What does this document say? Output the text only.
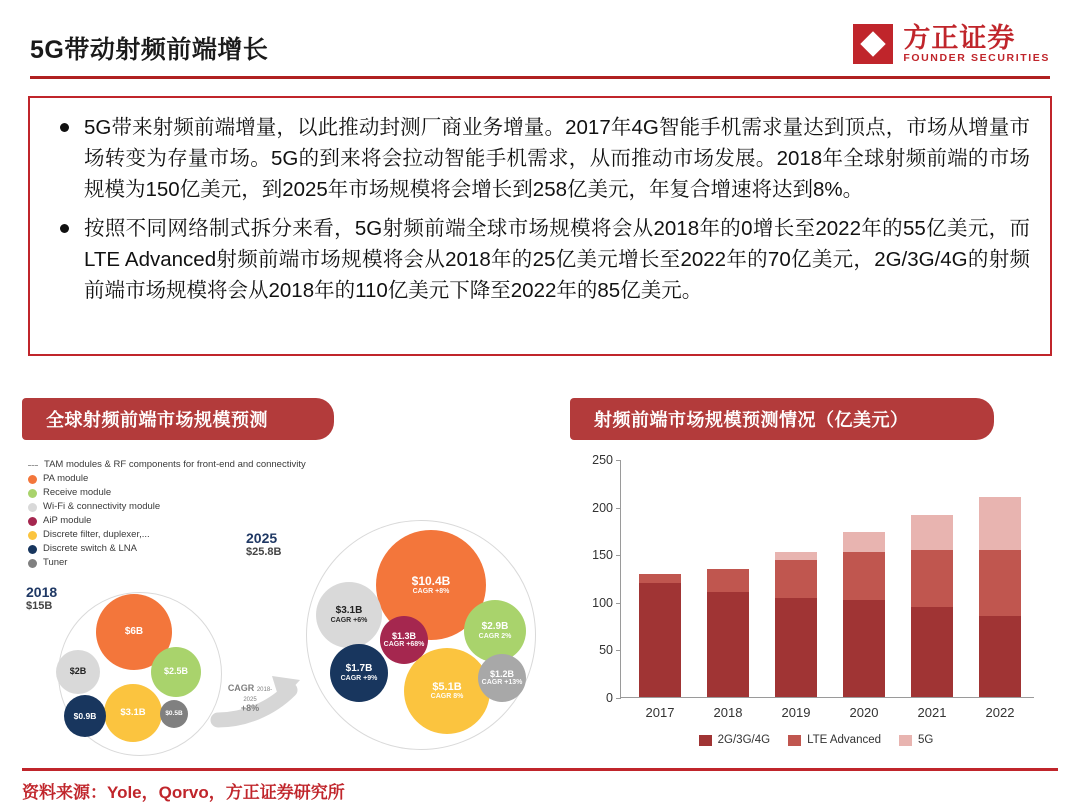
5G带动射频前端增长	方正证券
FOUNDER SECURITIES
5G带来射频前端增量，以此推动封测厂商业务增量。2017年4G智能手机需求量达到顶点，市场从增量市场转变为存量市场。5G的到来将会拉动智能手机需求，从而推动市场发展。2018年全球射频前端的市场规模为150亿美元，到2025年市场规模将会增长到258亿美元，年复合增速将达到8%。
按照不同网络制式拆分来看，5G射频前端全球市场规模将会从2018年的0增长至2022年的55亿美元，而LTE Advanced射频前端市场规模将会从2018年的25亿美元增长至2022年的70亿美元，2G/3G/4G的射频前端市场规模将会从2018年的110亿美元下降至2022年的85亿美元。
全球射频前端市场规模预测	射频前端市场规模预测情况（亿美元）
TAM modules & RF components for front-end and connectivity
PA module
Receive module
Wi-Fi & connectivity module
AiP module
Discrete filter, duplexer,...
Discrete switch & LNA
Tuner
2018
$15B
$6B
$2.5B
$2B
$3.1B
$0.9B	$0.5B
CAGR 2018-2025
+8%
2025
$25.8B
$10.4B
CAGR +8%
$2.9B
CAGR 2%
$3.1B
CAGR +6%
$1.3B
CAGR +68%
$5.1B
CAGR 8%
$1.7B
CAGR +9%	$1.2B
CAGR +13%
0
50
100
150
200
250
2017	2018	2019	2020	2021	2022
2G/3G/4G	LTE Advanced	5G
资料来源：Yole，Qorvo，方正证券研究所
